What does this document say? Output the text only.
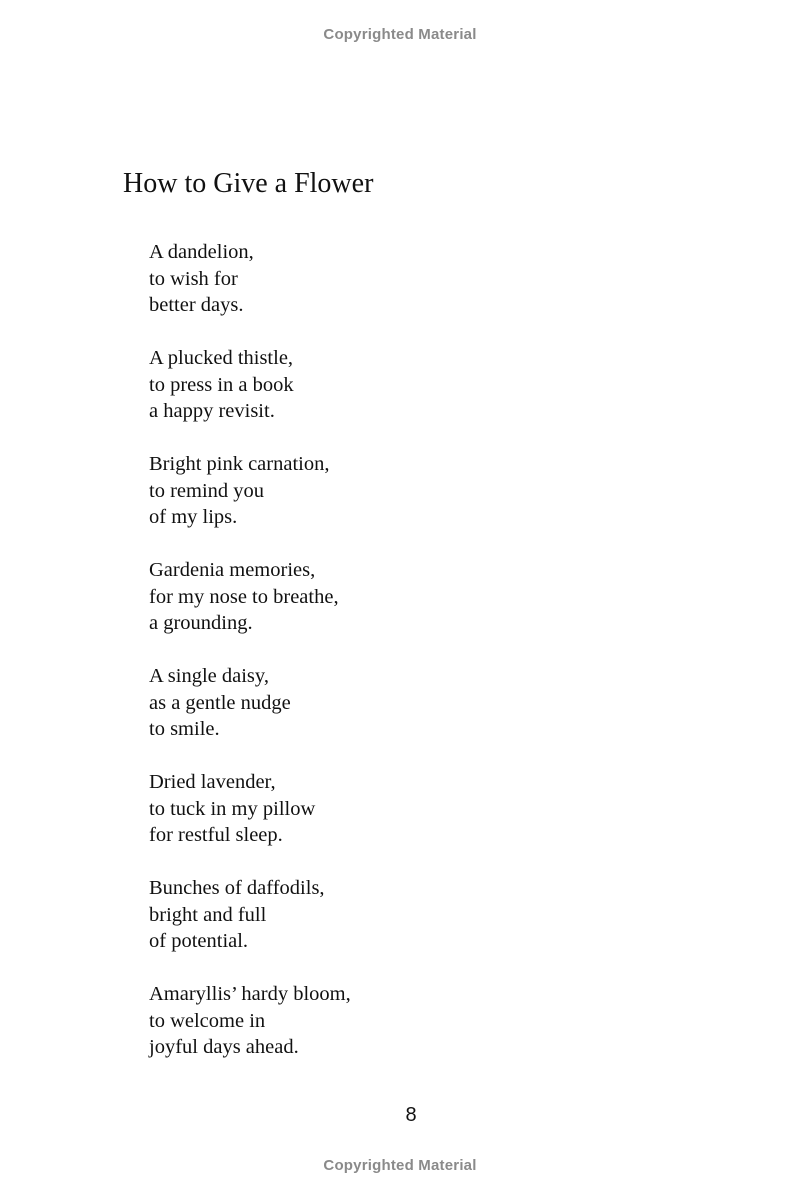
Copyrighted Material
How to Give a Flower
A dandelion,
to wish for
better days.
A plucked thistle,
to press in a book
a happy revisit.
Bright pink carnation,
to remind you
of my lips.
Gardenia memories,
for my nose to breathe,
a grounding.
A single daisy,
as a gentle nudge
to smile.
Dried lavender,
to tuck in my pillow
for restful sleep.
Bunches of daffodils,
bright and full
of potential.
Amaryllis’ hardy bloom,
to welcome in
joyful days ahead.
8
Copyrighted Material
